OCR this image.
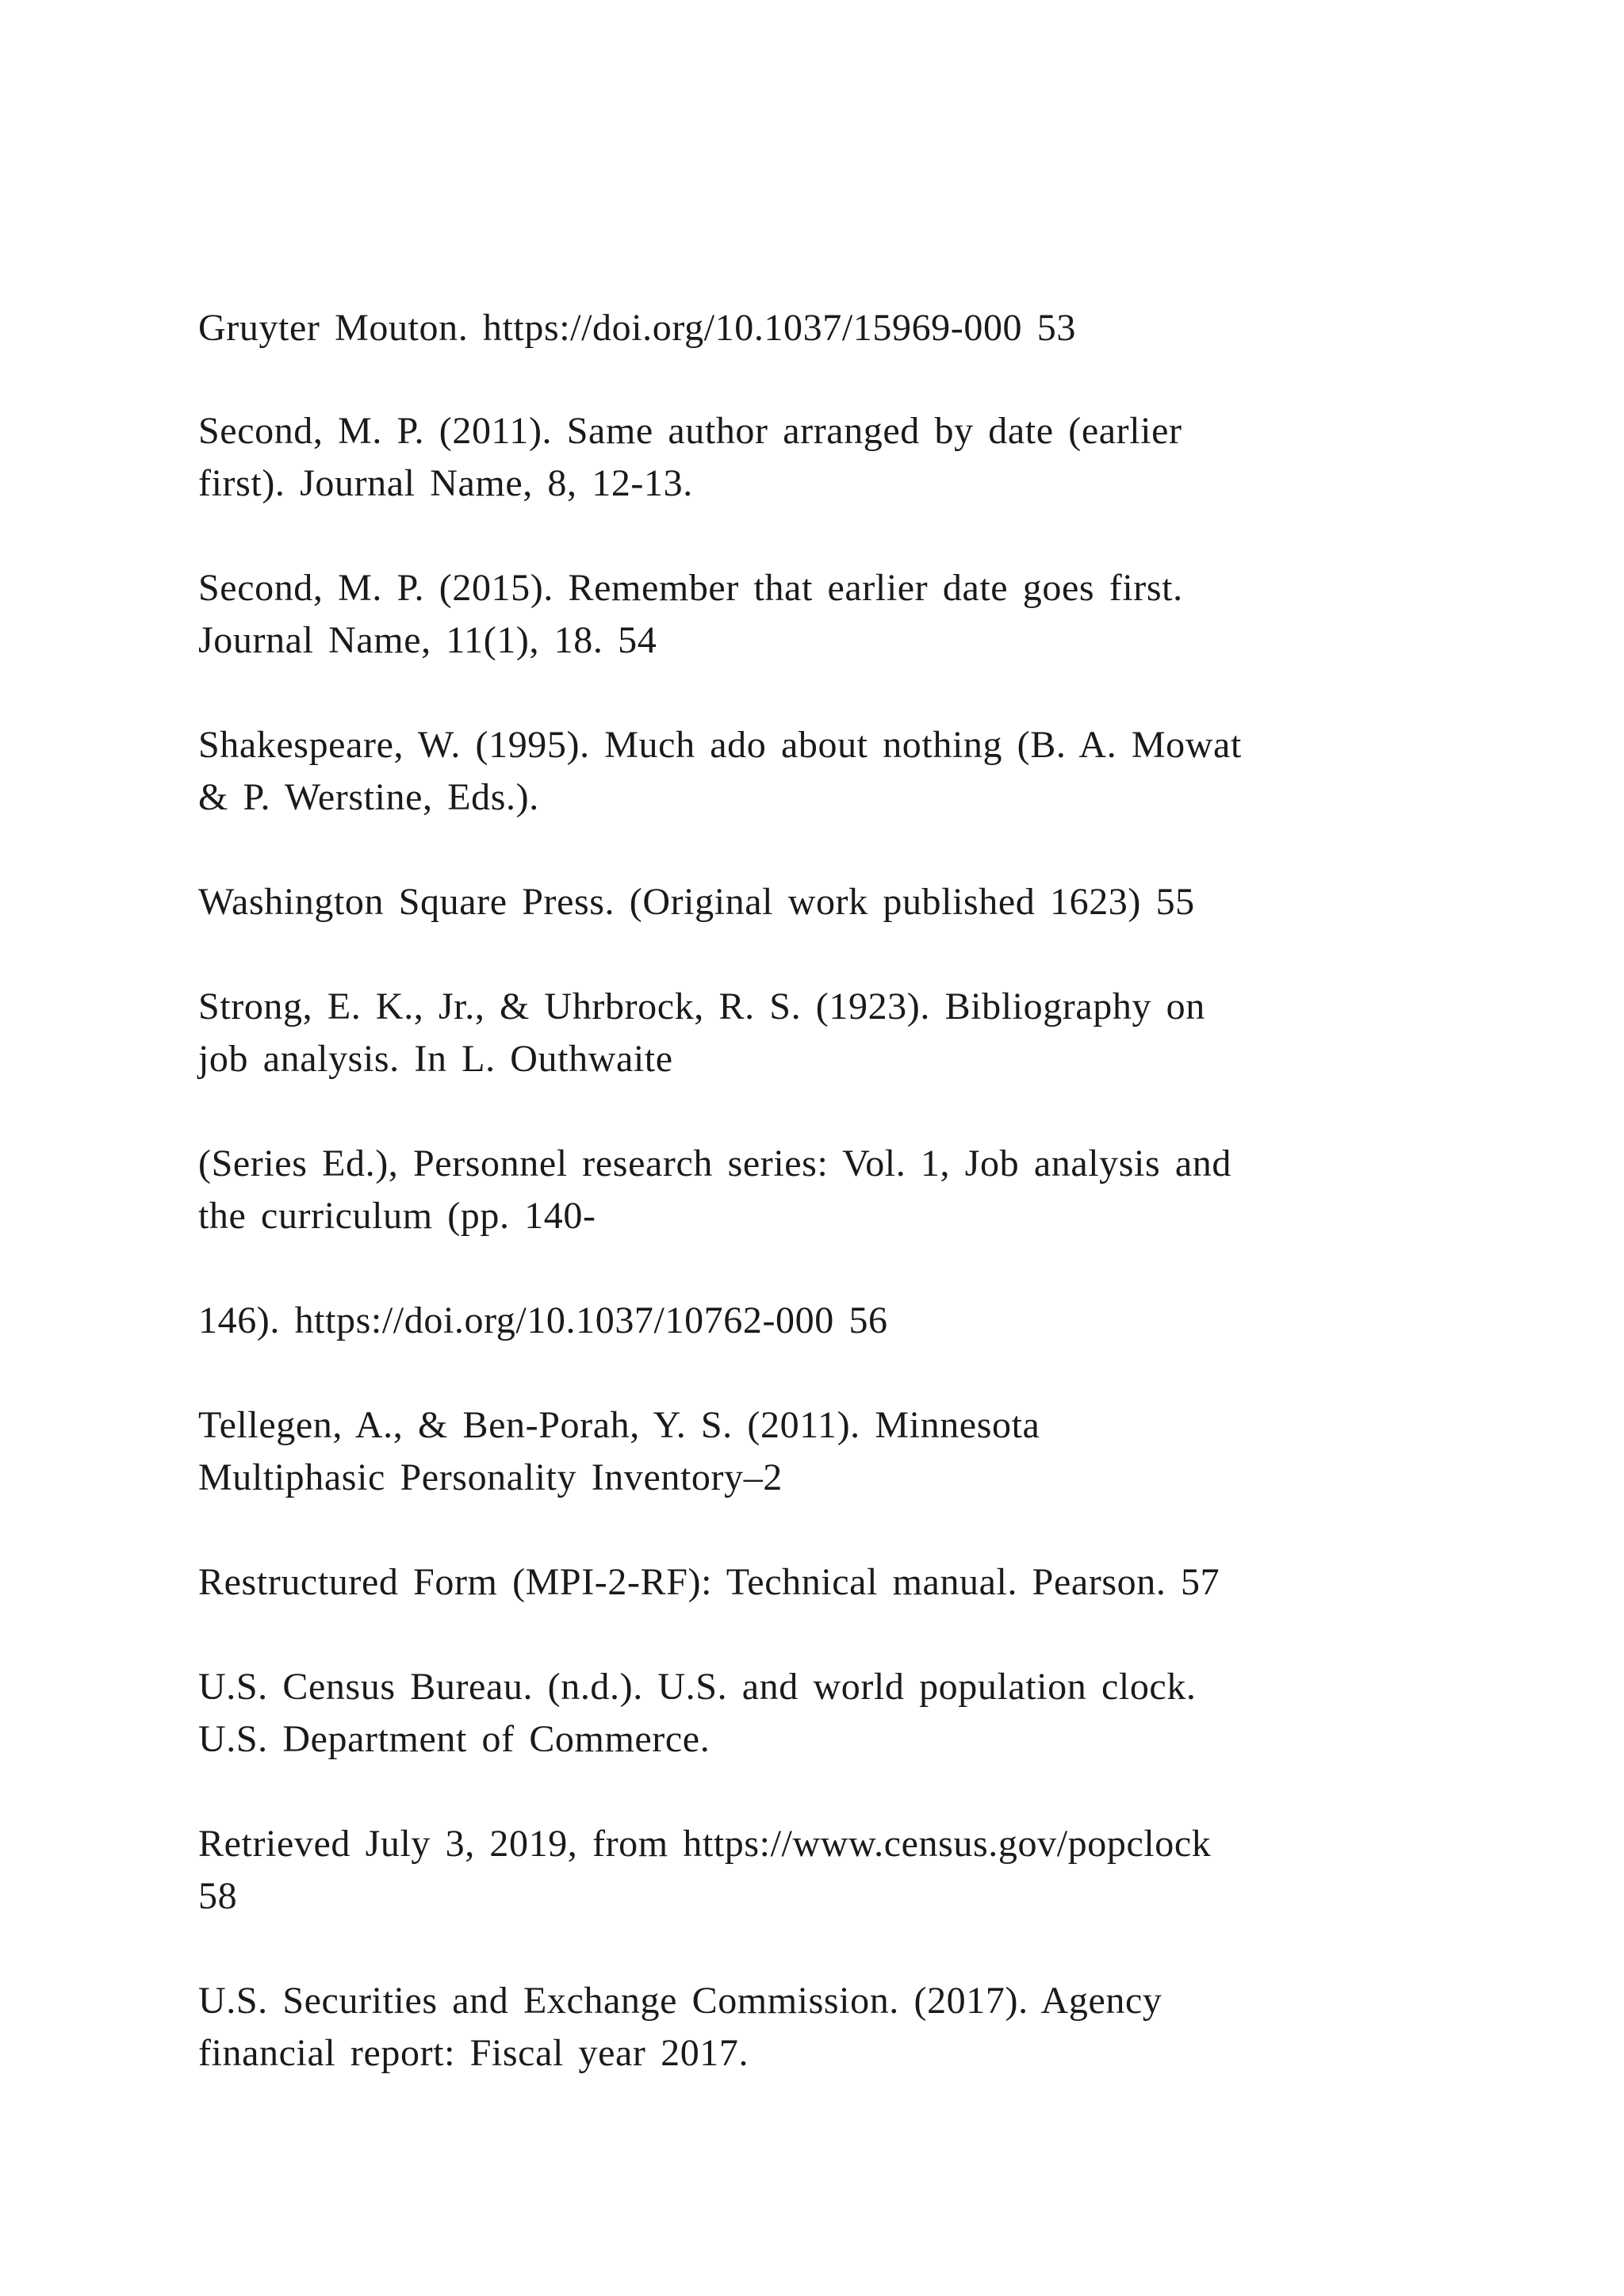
Gruyter Mouton. https://doi.org/10.1037/15969-000 53
Second, M. P. (2011). Same author arranged by date (earlier
first). Journal Name, 8, 12-13.
Second, M. P. (2015). Remember that earlier date goes first.
Journal Name, 11(1), 18. 54
Shakespeare, W. (1995). Much ado about nothing (B. A. Mowat
& P. Werstine, Eds.).
Washington Square Press. (Original work published 1623) 55
Strong, E. K., Jr., & Uhrbrock, R. S. (1923). Bibliography on
job analysis. In L. Outhwaite
(Series Ed.), Personnel research series: Vol. 1, Job analysis and
the curriculum (pp. 140-
146). https://doi.org/10.1037/10762-000 56
Tellegen, A., & Ben-Porah, Y. S. (2011). Minnesota
Multiphasic Personality Inventory–2
Restructured Form (MPI-2-RF): Technical manual. Pearson. 57
U.S. Census Bureau. (n.d.). U.S. and world population clock.
U.S. Department of Commerce.
Retrieved July 3, 2019, from https://www.census.gov/popclock
58
U.S. Securities and Exchange Commission. (2017). Agency
financial report: Fiscal year 2017.
